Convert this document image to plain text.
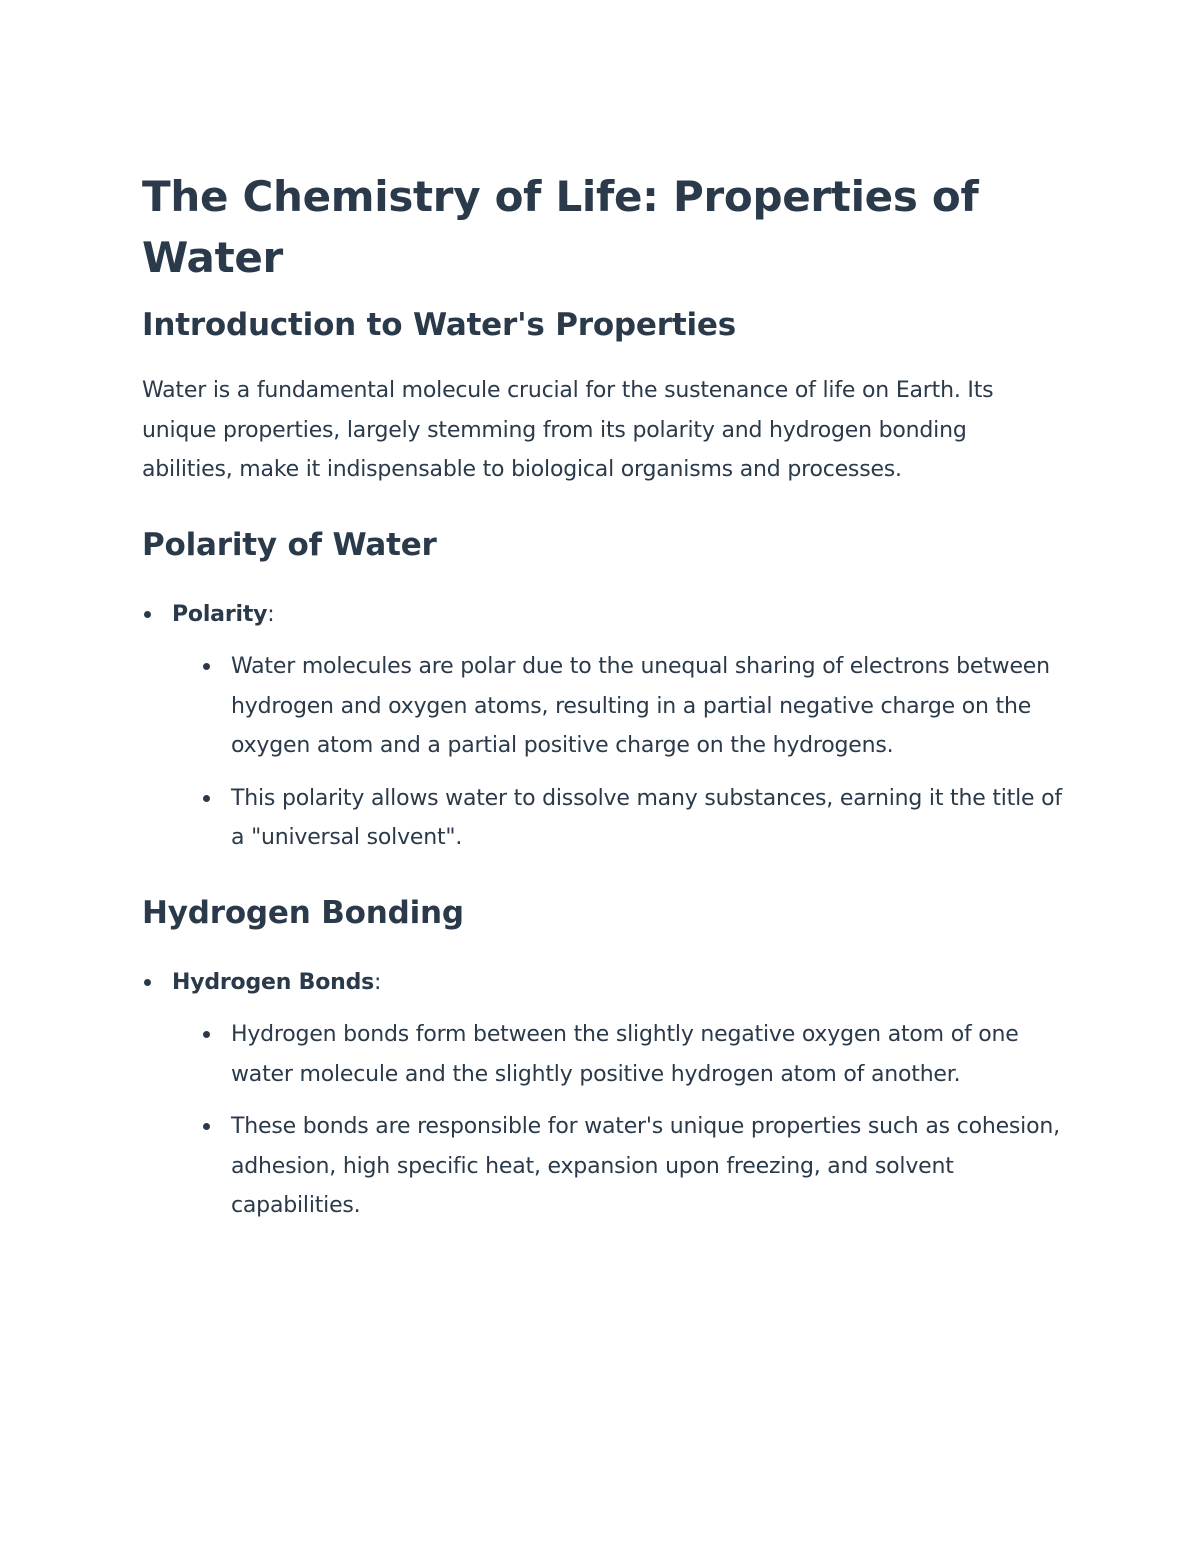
The Chemistry of Life: Properties of Water
Introduction to Water's Properties

Water is a fundamental molecule crucial for the sustenance of life on Earth. Its unique properties, largely stemming from its polarity and hydrogen bonding abilities, make it indispensable to biological organisms and processes.

Polarity of Water
Polarity:
Water molecules are polar due to the unequal sharing of electrons between hydrogen and oxygen atoms, resulting in a partial negative charge on the oxygen atom and a partial positive charge on the hydrogens.
This polarity allows water to dissolve many substances, earning it the title of a "universal solvent".
Hydrogen Bonding
Hydrogen Bonds:
Hydrogen bonds form between the slightly negative oxygen atom of one water molecule and the slightly positive hydrogen atom of another.
These bonds are responsible for water's unique properties such as cohesion, adhesion, high specific heat, expansion upon freezing, and solvent capabilities.
